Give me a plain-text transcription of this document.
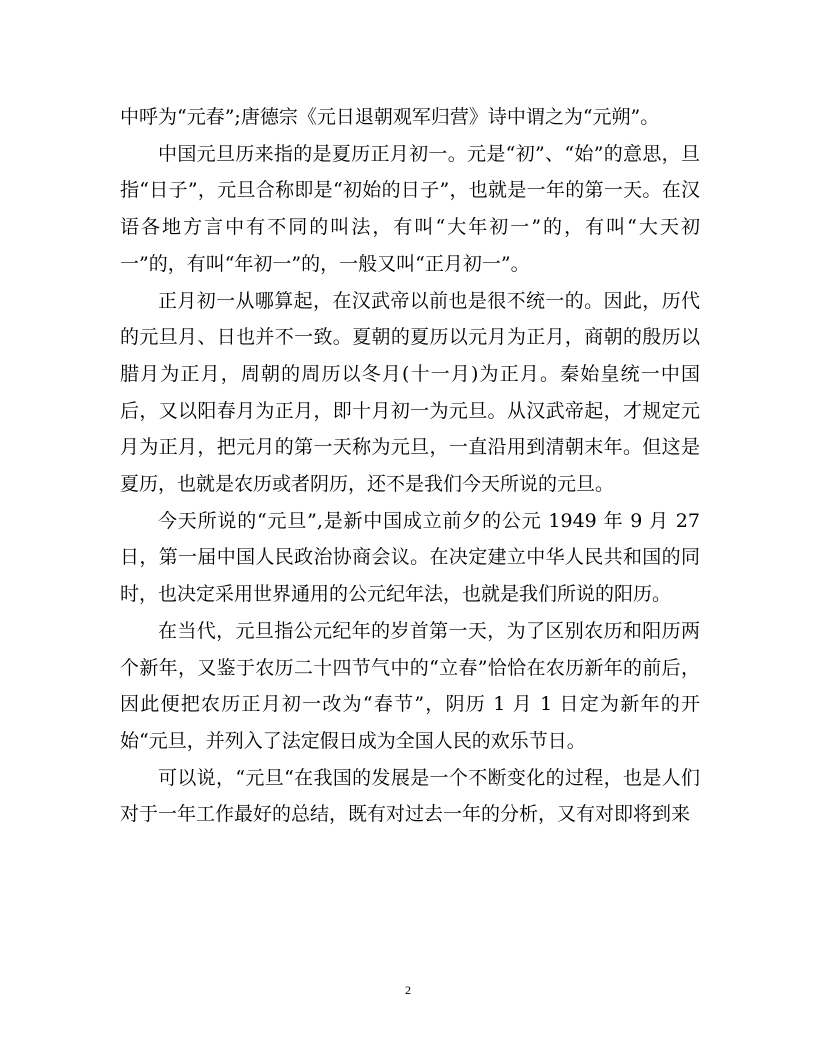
中呼为“元春”;唐德宗《元日退朝观军归营》诗中谓之为“元朔”。

中国元旦历来指的是夏历正月初一。元是“初”、“始”的意思，旦指“日子”，元旦合称即是“初始的日子”，也就是一年的第一天。在汉语各地方言中有不同的叫法，有叫“大年初一”的，有叫“大天初一”的，有叫“年初一”的，一般又叫“正月初一”。

正月初一从哪算起，在汉武帝以前也是很不统一的。因此，历代的元旦月、日也并不一致。夏朝的夏历以元月为正月，商朝的殷历以腊月为正月，周朝的周历以冬月(十一月)为正月。秦始皇统一中国后，又以阳春月为正月，即十月初一为元旦。从汉武帝起，才规定元月为正月，把元月的第一天称为元旦，一直沿用到清朝末年。但这是夏历，也就是农历或者阴历，还不是我们今天所说的元旦。

今天所说的“元旦”,是新中国成立前夕的公元 1949 年 9 月 27 日，第一届中国人民政治协商会议。在决定建立中华人民共和国的同时，也决定采用世界通用的公元纪年法，也就是我们所说的阳历。

在当代，元旦指公元纪年的岁首第一天，为了区别农历和阳历两个新年，又鉴于农历二十四节气中的“立春”恰恰在农历新年的前后，因此便把农历正月初一改为“春节”，阴历 1 月 1 日定为新年的开始“元旦，并列入了法定假日成为全国人民的欢乐节日。

可以说，“元旦“在我国的发展是一个不断变化的过程，也是人们对于一年工作最好的总结，既有对过去一年的分析，又有对即将到来

2
